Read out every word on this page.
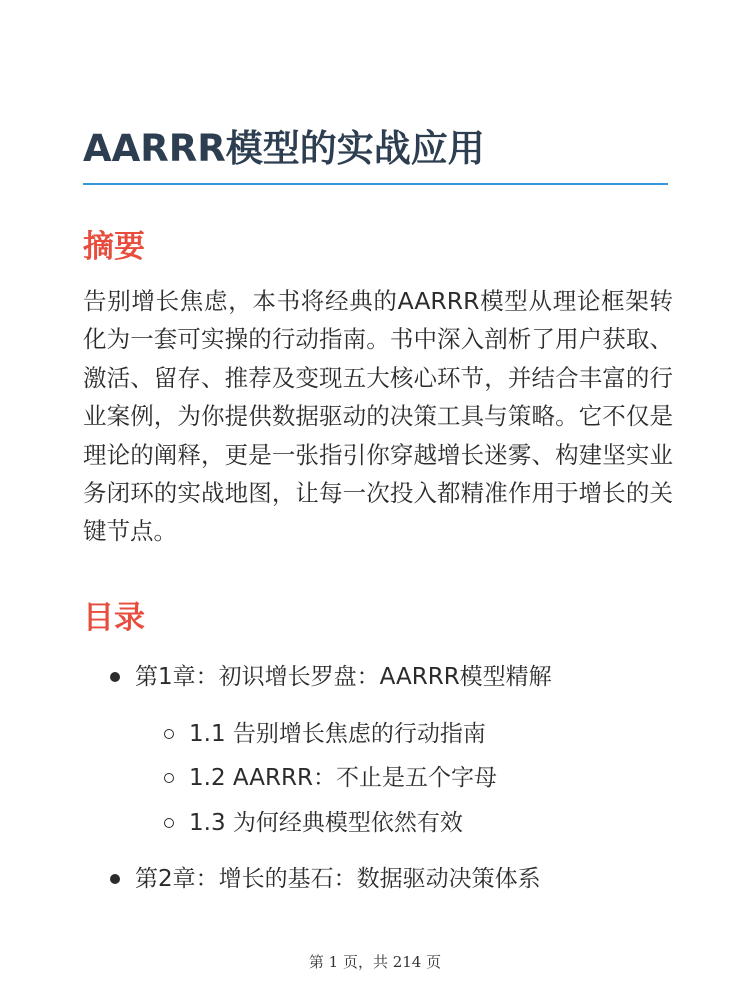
AARRR模型的实战应用
摘要

告别增长焦虑，本书将经典的AARRR模型从理论框架转化为一套可实操的行动指南。书中深入剖析了用户获取、激活、留存、推荐及变现五大核心环节，并结合丰富的行业案例，为你提供数据驱动的决策工具与策略。它不仅是理论的阐释，更是一张指引你穿越增长迷雾、构建坚实业务闭环的实战地图，让每一次投入都精准作用于增长的关键节点。

目录
第1章：初识增长罗盘：AARRR模型精解
1.1 告别增长焦虑的行动指南
1.2 AARRR：不止是五个字母
1.3 为何经典模型依然有效
第2章：增长的基石：数据驱动决策体系
第 1 页，共 214 页
